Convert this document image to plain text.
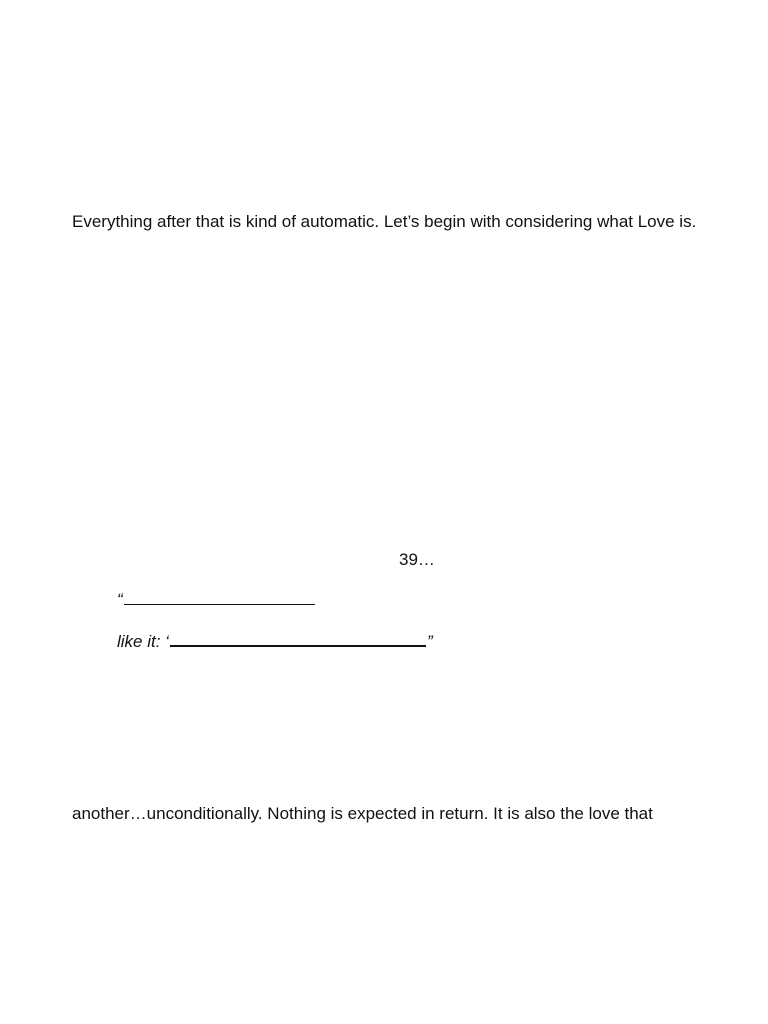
Everything after that is kind of automatic. Let’s begin with considering what Love is.
39…
“
like it: ‘	”
another…unconditionally. Nothing is expected in return. It is also the love that
